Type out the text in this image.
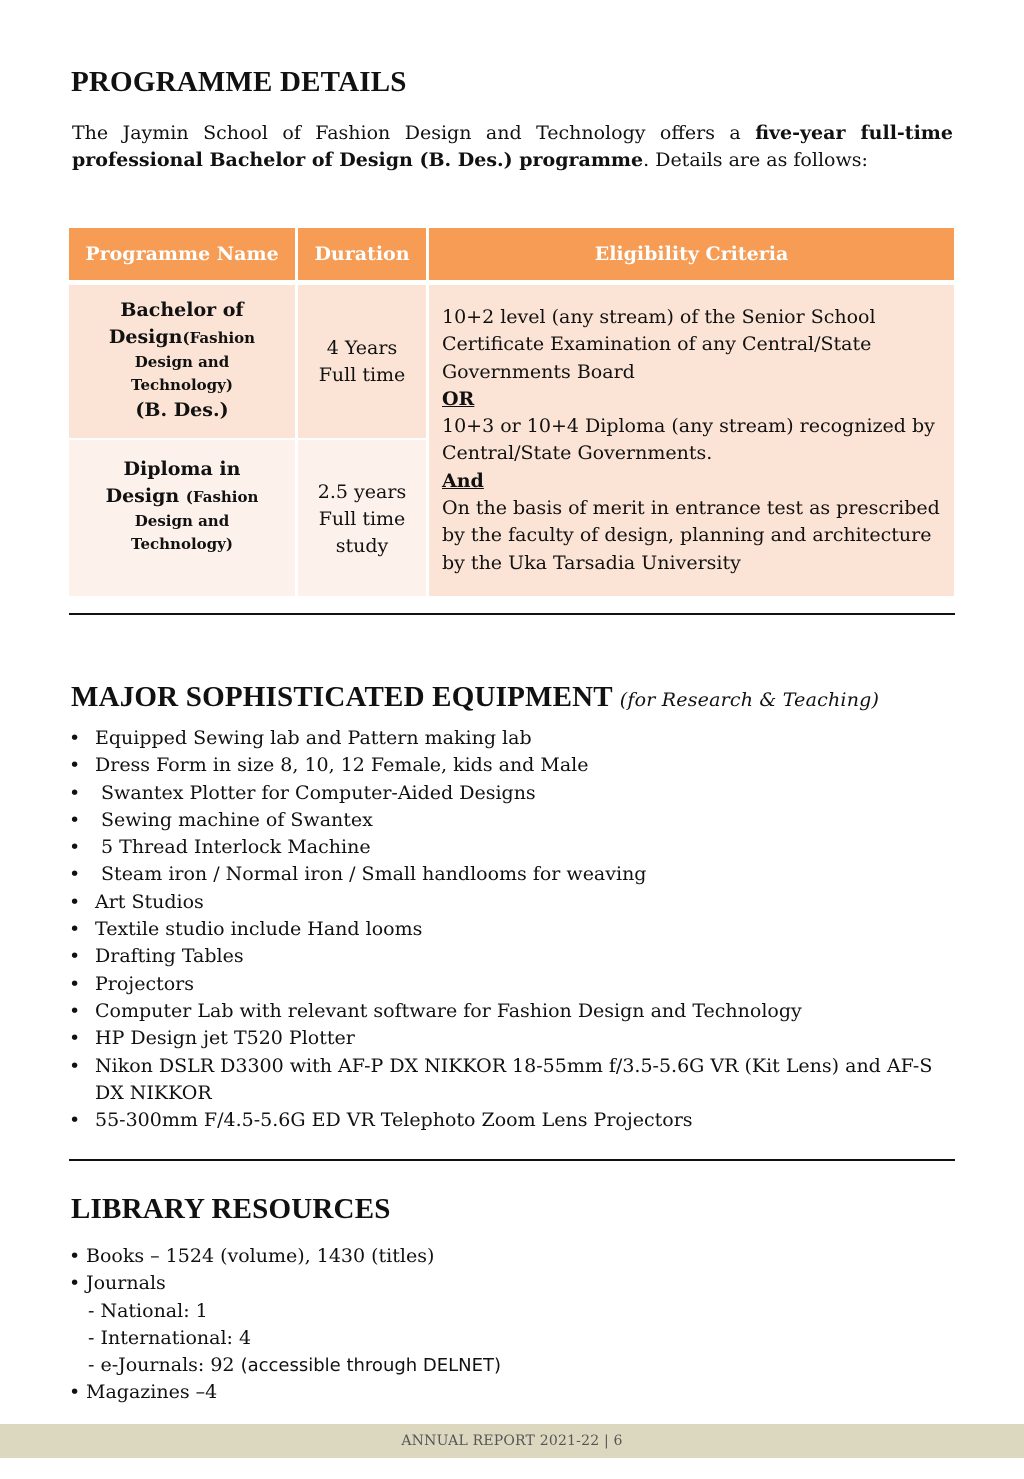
PROGRAMME DETAILS

The Jaymin School of Fashion Design and Technology offers a five-year full-time professional Bachelor of Design (B. Des.) programme. Details are as follows:

Programme Name	Duration	Eligibility Criteria
Bachelor of
Design(Fashion
Design and
Technology)
(B. Des.)
4 Years
Full time
Diploma in
Design (Fashion
Design and
Technology)
2.5 years
Full time
study
10+2 level (any stream) of the Senior School Certificate Examination of any Central/State Governments Board
OR
10+3 or 10+4 Diploma (any stream) recognized by Central/State Governments.
And
On the basis of merit in entrance test as prescribed by the faculty of design, planning and architecture by the Uka Tarsadia University
MAJOR SOPHISTICATED EQUIPMENT (for Research & Teaching)
• Equipped Sewing lab and Pattern making lab
• Dress Form in size 8, 10, 12 Female, kids and Male
•  Swantex Plotter for Computer-Aided Designs
•  Sewing machine of Swantex
•  5 Thread Interlock Machine
•  Steam iron / Normal iron / Small handlooms for weaving
• Art Studios
• Textile studio include Hand looms
• Drafting Tables
• Projectors
• Computer Lab with relevant software for Fashion Design and Technology
• HP Design jet T520 Plotter
• Nikon DSLR D3300 with AF-P DX NIKKOR 18-55mm f/3.5-5.6G VR (Kit Lens) and AF-S DX NIKKOR
• 55-300mm F/4.5-5.6G ED VR Telephoto Zoom Lens Projectors
LIBRARY RESOURCES
• Books – 1524 (volume), 1430 (titles)
• Journals
- National: 1
- International: 4
- e-Journals: 92 (accessible through DELNET)
• Magazines –4
ANNUAL REPORT 2021-22 | 6
